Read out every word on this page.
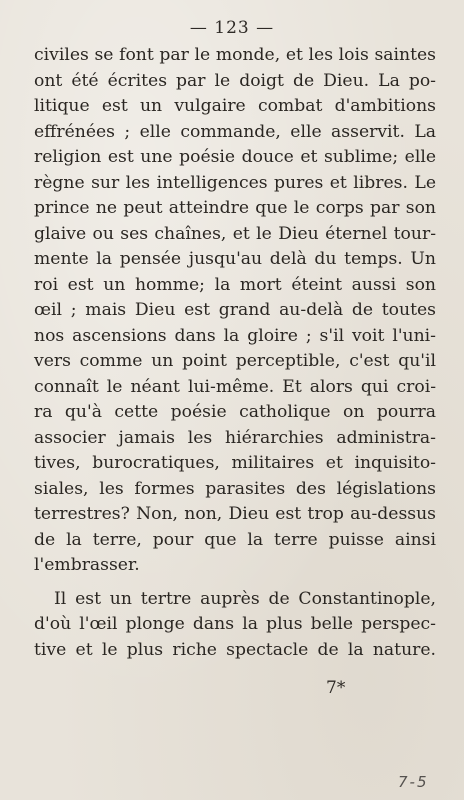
— 123 —
civiles se font par le monde, et les lois saintes
ont été écrites par le doigt de Dieu. La po-
litique est un vulgaire combat d'ambitions
effrénées ; elle commande, elle asservit. La
religion est une poésie douce et sublime; elle
règne sur les intelligences pures et libres. Le
prince ne peut atteindre que le corps par son
glaive ou ses chaînes, et le Dieu éternel tour-
mente la pensée jusqu'au delà du temps. Un
roi est un homme; la mort éteint aussi son
œil ; mais Dieu est grand au-delà de toutes
nos ascensions dans la gloire ; s'il voit l'uni-
vers comme un point perceptible, c'est qu'il
connaît le néant lui-même. Et alors qui croi-
ra qu'à cette poésie catholique on pourra
associer jamais les hiérarchies administra-
tives, burocratiques, militaires et inquisito-
siales, les formes parasites des législations
terrestres? Non, non, Dieu est trop au-dessus
de la terre, pour que la terre puisse ainsi
l'embrasser.
Il est un tertre auprès de Constantinople,
d'où l'œil plonge dans la plus belle perspec-
tive et le plus riche spectacle de la nature.
7*
7-5
